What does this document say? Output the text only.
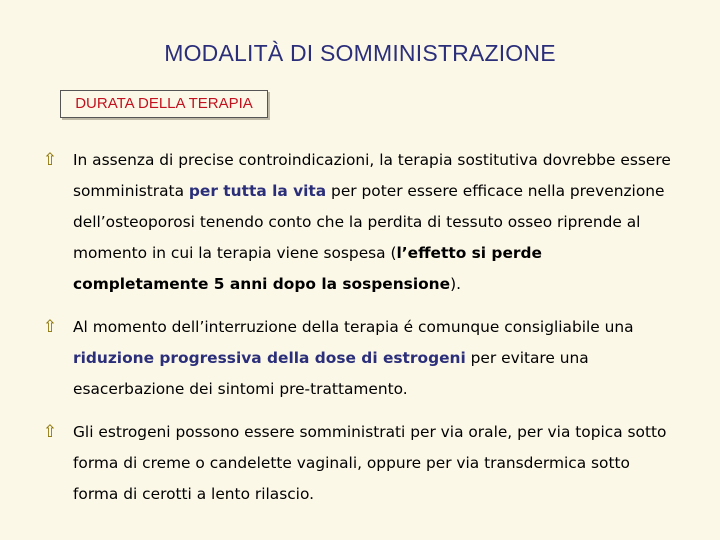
MODALITÀ DI SOMMINISTRAZIONE
DURATA DELLA TERAPIA
⇧ In assenza di precise controindicazioni, la terapia sostitutiva dovrebbe essere somministrata per tutta la vita per poter essere efficace nella prevenzione dell’osteoporosi tenendo conto che la perdita di tessuto osseo riprende al momento in cui la terapia viene sospesa (l’effetto si perde completamente 5 anni dopo la sospensione).
⇧ Al momento dell’interruzione della terapia é comunque consigliabile una riduzione progressiva della dose di estrogeni per evitare una esacerbazione dei sintomi pre-trattamento.
⇧ Gli estrogeni possono essere somministrati per via orale, per via topica sotto forma di creme o candelette vaginali, oppure per via transdermica sotto forma di cerotti a lento rilascio.
